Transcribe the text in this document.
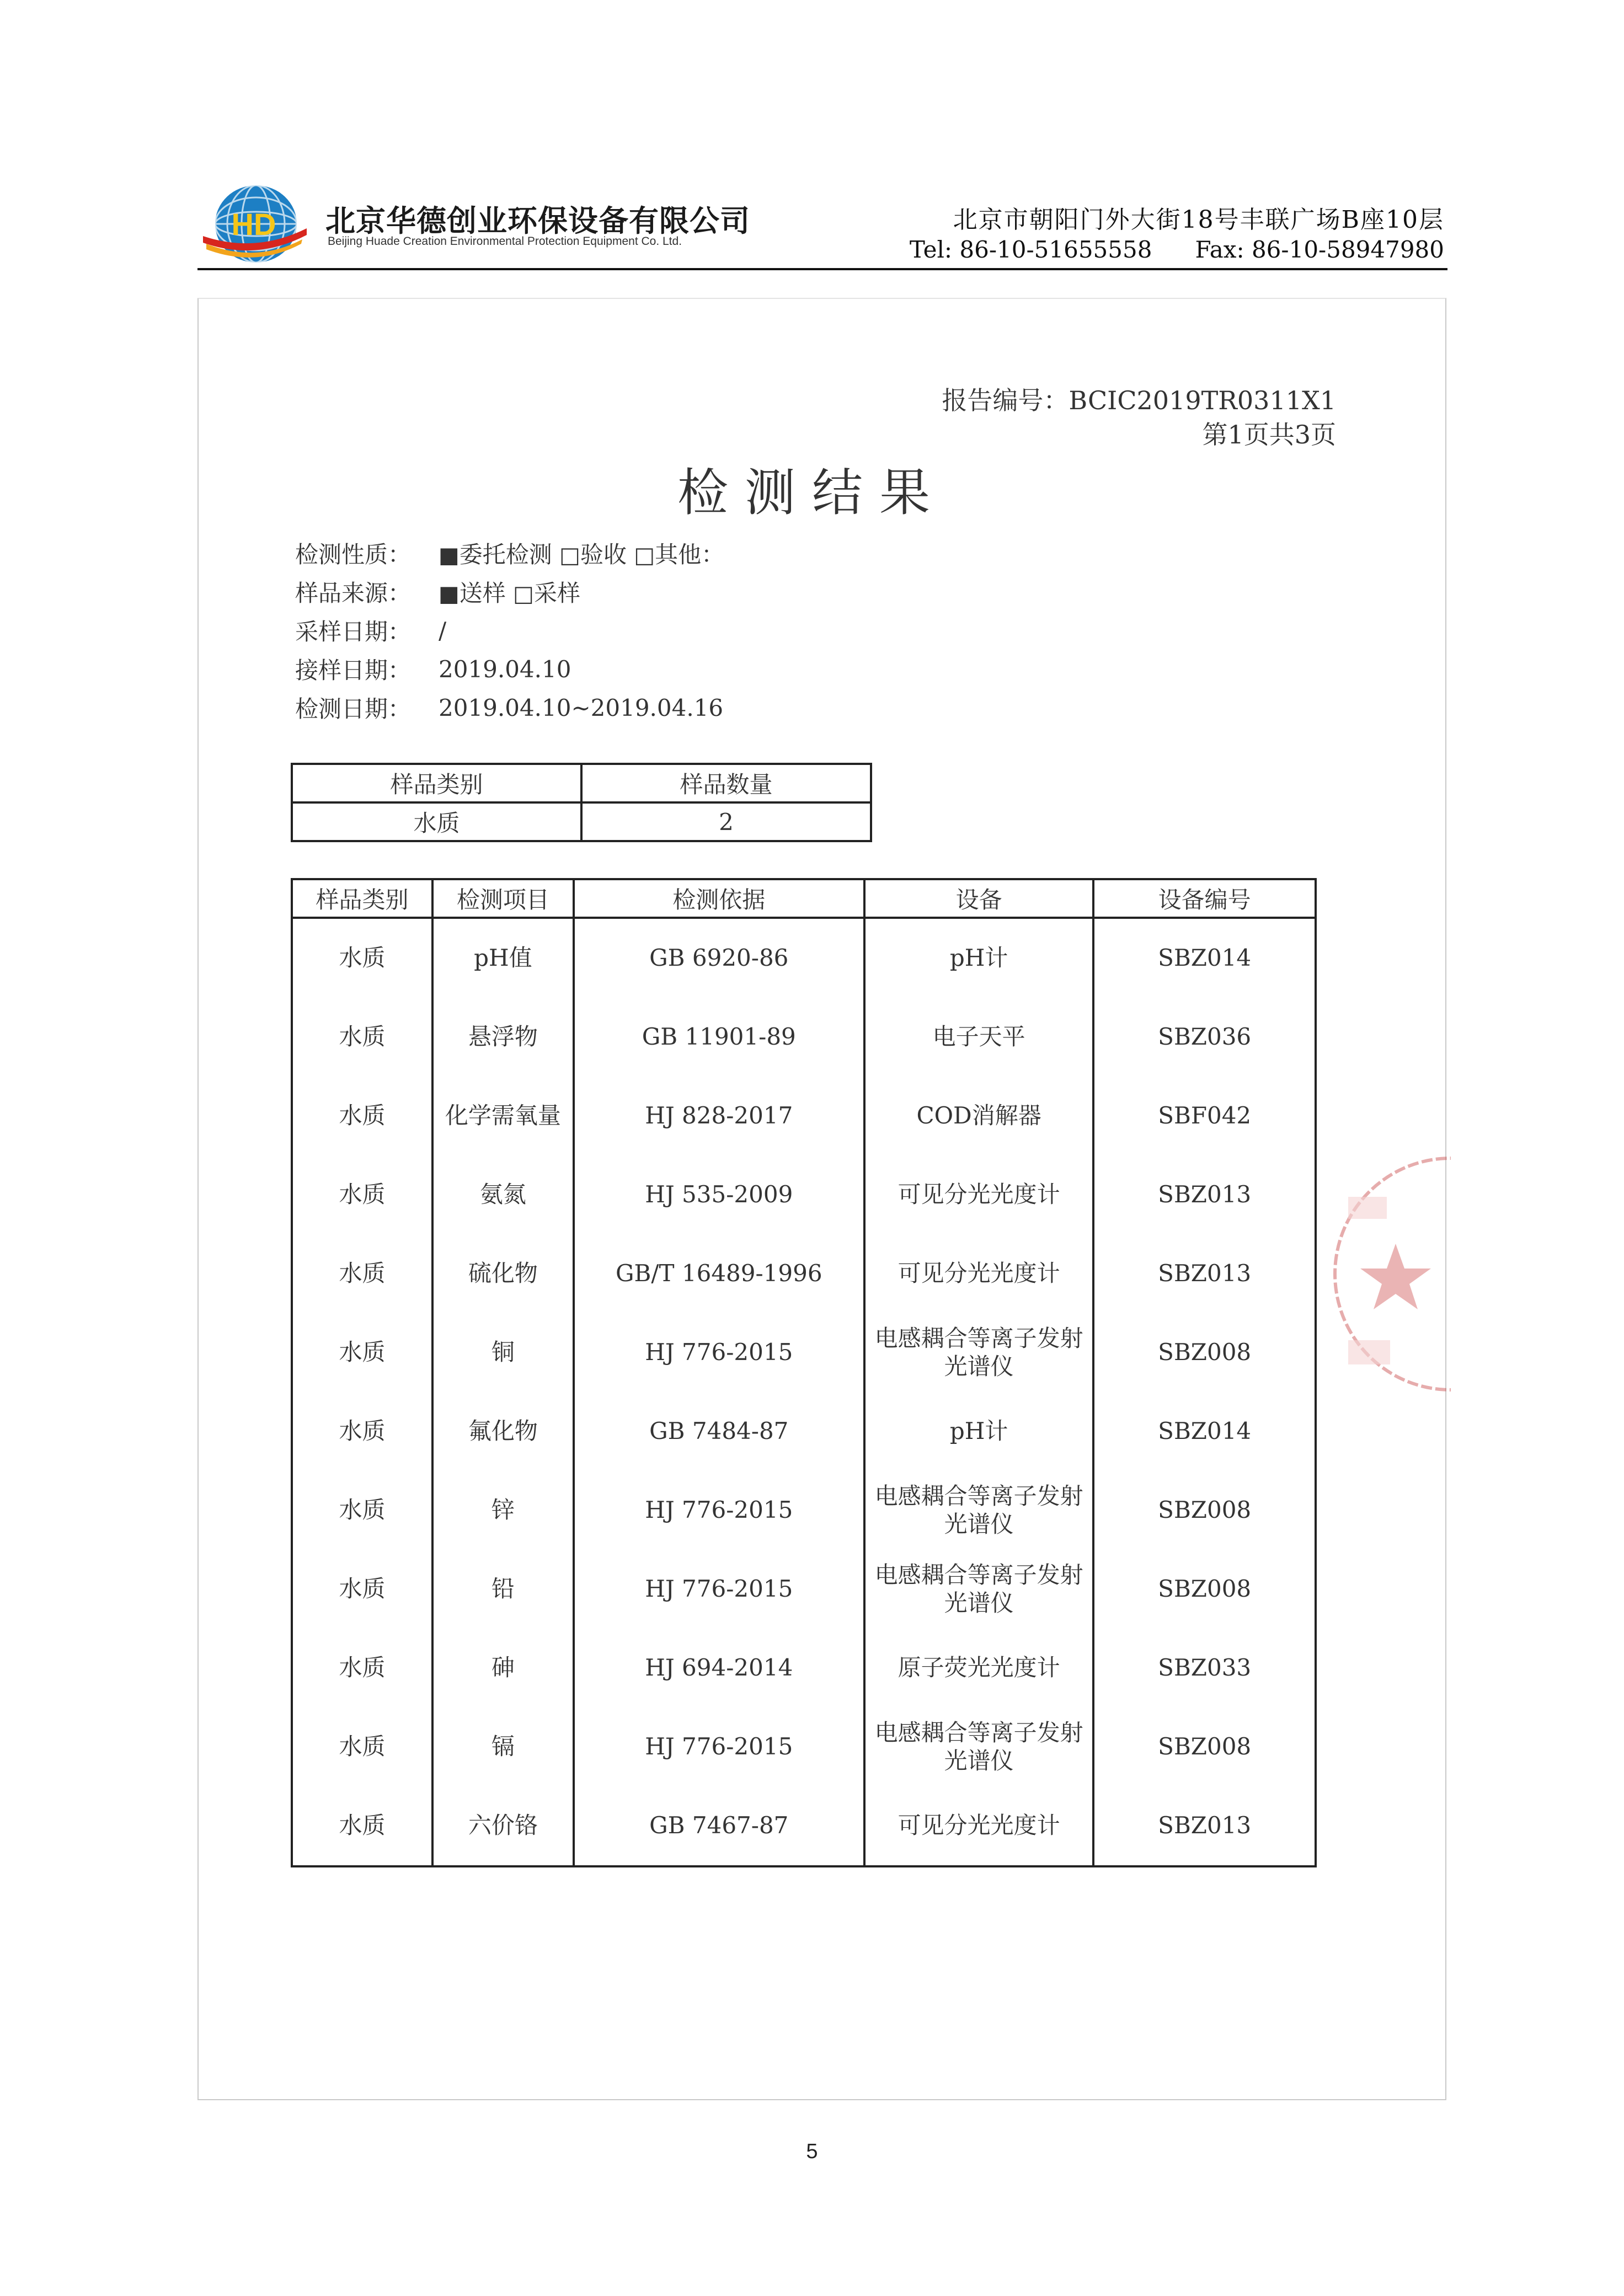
HD 北京华德创业环保设备有限公司
Beijing Huade Creation Environmental Protection Equipment Co. Ltd.
北京市朝阳门外大街18号丰联广场B座10层
Tel: 86-10-51655558 Fax: 86-10-58947980
报告编号：BCIC2019TR0311X1
第1页共3页
检测结果
检测性质：	■委托检测 □验收 □其他：
样品来源：	■送样 □采样
采样日期：	/
接样日期：	2019.04.10
检测日期：	2019.04.10~2019.04.16
样品类别	样品数量
水质	2
样品类别	检测项目	检测依据	设备	设备编号
水质	pH值	GB 6920-86	pH计	SBZ014
水质	悬浮物	GB 11901-89	电子天平	SBZ036
水质	化学需氧量	HJ 828-2017	COD消解器	SBF042
水质	氨氮	HJ 535-2009	可见分光光度计	SBZ013
水质	硫化物	GB/T 16489-1996	可见分光光度计	SBZ013
水质	铜	HJ 776-2015	电感耦合等离子发射光谱仪	SBZ008
水质	氟化物	GB 7484-87	pH计	SBZ014
水质	锌	HJ 776-2015	电感耦合等离子发射光谱仪	SBZ008
水质	铅	HJ 776-2015	电感耦合等离子发射光谱仪	SBZ008
水质	砷	HJ 694-2014	原子荧光光度计	SBZ033
水质	镉	HJ 776-2015	电感耦合等离子发射光谱仪	SBZ008
水质	六价铬	GB 7467-87	可见分光光度计	SBZ013
5
